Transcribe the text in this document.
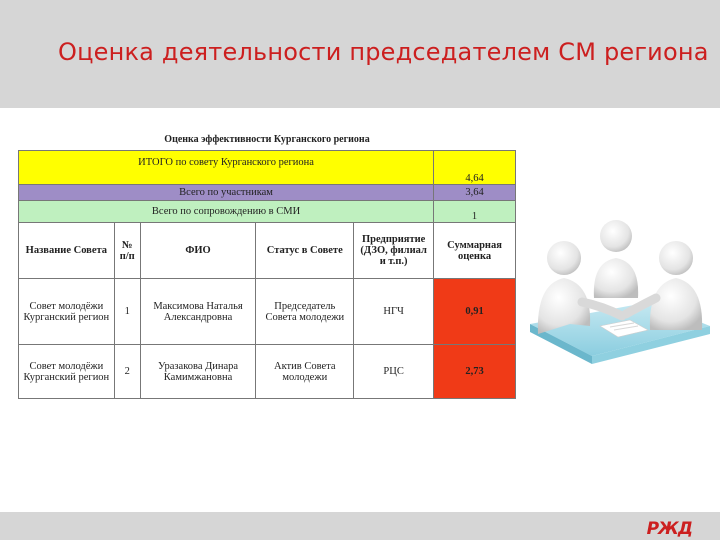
Оценка деятельности председателем СМ региона
Оценка эффективности Курганского региона
ИТОГО по совету Курганского региона					4,64
Всего по участникам					3,64
Всего по сопровождению в СМИ					1
Название Совета	№ п/п	ФИО	Статус в Совете	Предприятие (ДЗО, филиал и т.п.)	Суммарная оценка
Совет молодёжи Курганский регион	1	Максимова Наталья Александровна	Председатель Совета молодежи	НГЧ	0,91
Совет молодёжи Курганский регион	2	Уразакова Динара Камимжановна	Актив Совета молодежи	РЦС	2,73
РЖД
